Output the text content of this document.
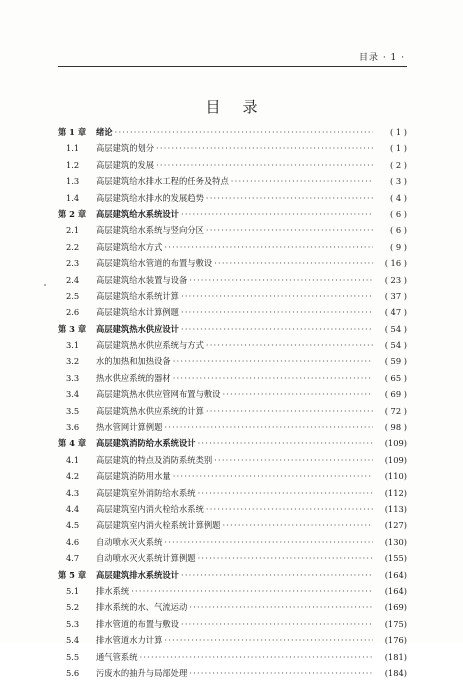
目录 · 1 ·
目录
第 1 章	绪论 ·····	( 1 )
1.1	高层建筑的划分 ·····	( 1 )
1.2	高层建筑的发展 ·····	( 2 )
1.3	高层建筑给水排水工程的任务及特点 ·····	( 3 )
1.4	高层建筑给水排水的发展趋势 ·····	( 4 )
第 2 章	高层建筑给水系统设计 ·····	( 6 )
2.1	高层建筑给水系统与竖向分区 ·····	( 6 )
2.2	高层建筑给水方式 ·····	( 9 )
2.3	高层建筑给水管道的布置与敷设 ·····	( 16 )
2.4	高层建筑给水装置与设备 ·····	( 23 )
2.5	高层建筑给水系统计算 ·····	( 37 )
2.6	高层建筑给水计算例题 ·····	( 47 )
第 3 章	高层建筑热水供应设计 ·····	( 54 )
3.1	高层建筑热水供应系统与方式 ·····	( 54 )
3.2	水的加热和加热设备 ·····	( 59 )
3.3	热水供应系统的器材 ·····	( 65 )
3.4	高层建筑热水供应管网布置与敷设 ·····	( 69 )
3.5	高层建筑热水供应系统的计算 ·····	( 72 )
3.6	热水管网计算例题 ·····	( 98 )
第 4 章	高层建筑消防给水系统设计 ·····	(109)
4.1	高层建筑的特点及消防系统类别 ·····	(109)
4.2	高层建筑消防用水量 ·····	(110)
4.3	高层建筑室外消防给水系统 ·····	(112)
4.4	高层建筑室内消火栓给水系统 ·····	(113)
4.5	高层建筑室内消火栓系统计算例题 ·····	(127)
4.6	自动喷水灭火系统 ·····	(130)
4.7	自动喷水灭火系统计算例题 ·····	(155)
第 5 章	高层建筑排水系统设计 ·····	(164)
5.1	排水系统 ·····	(164)
5.2	排水系统的水、气流运动 ·····	(169)
5.3	排水管道的布置与敷设 ·····	(175)
5.4	排水管道水力计算 ·····	(176)
5.5	通气管系统 ·····	(181)
5.6	污废水的抽升与局部处理 ·····	(184)
